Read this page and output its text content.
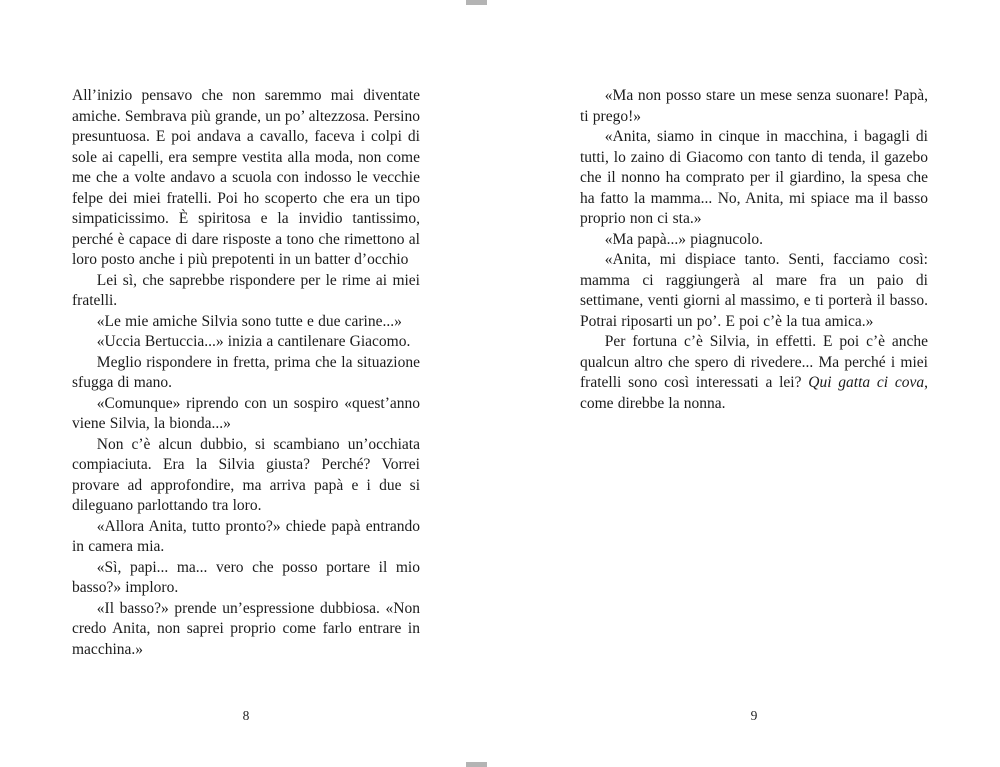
All’inizio pensavo che non saremmo mai diventate amiche. Sembrava più grande, un po’ altezzosa. Persino presuntuosa. E poi andava a cavallo, faceva i colpi di sole ai capelli, era sempre vestita alla moda, non come me che a volte andavo a scuola con indosso le vecchie felpe dei miei fratelli. Poi ho scoperto che era un tipo simpaticissimo. È spiritosa e la invidio tantissimo, perché è capace di dare risposte a tono che rimettono al loro posto anche i più prepotenti in un batter d’occhio

Lei sì, che saprebbe rispondere per le rime ai miei fratelli.

«Le mie amiche Silvia sono tutte e due carine...»

«Uccia Bertuccia...» inizia a cantilenare Giacomo.

Meglio rispondere in fretta, prima che la situazione sfugga di mano.

«Comunque» riprendo con un sospiro «quest’anno viene Silvia, la bionda...»

Non c’è alcun dubbio, si scambiano un’occhiata compiaciuta. Era la Silvia giusta? Perché? Vorrei provare ad approfondire, ma arriva papà e i due si dileguano parlottando tra loro.

«Allora Anita, tutto pronto?» chiede papà entrando in camera mia.

«Sì, papi... ma... vero che posso portare il mio basso?» imploro.

«Il basso?» prende un’espressione dubbiosa. «Non credo Anita, non saprei proprio come farlo entrare in macchina.»

«Ma non posso stare un mese senza suonare! Papà, ti prego!»

«Anita, siamo in cinque in macchina, i bagagli di tutti, lo zaino di Giacomo con tanto di tenda, il gazebo che il nonno ha comprato per il giardino, la spesa che ha fatto la mamma... No, Anita, mi spiace ma il basso proprio non ci sta.»

«Ma papà...» piagnucolo.

«Anita, mi dispiace tanto. Senti, facciamo così: mamma ci raggiungerà al mare fra un paio di settimane, venti giorni al massimo, e ti porterà il basso. Potrai riposarti un po’. E poi c’è la tua amica.»

Per fortuna c’è Silvia, in effetti. E poi c’è anche qualcun altro che spero di rivedere... Ma perché i miei fratelli sono così interessati a lei? Qui gatta ci cova, come direbbe la nonna.

8	9
